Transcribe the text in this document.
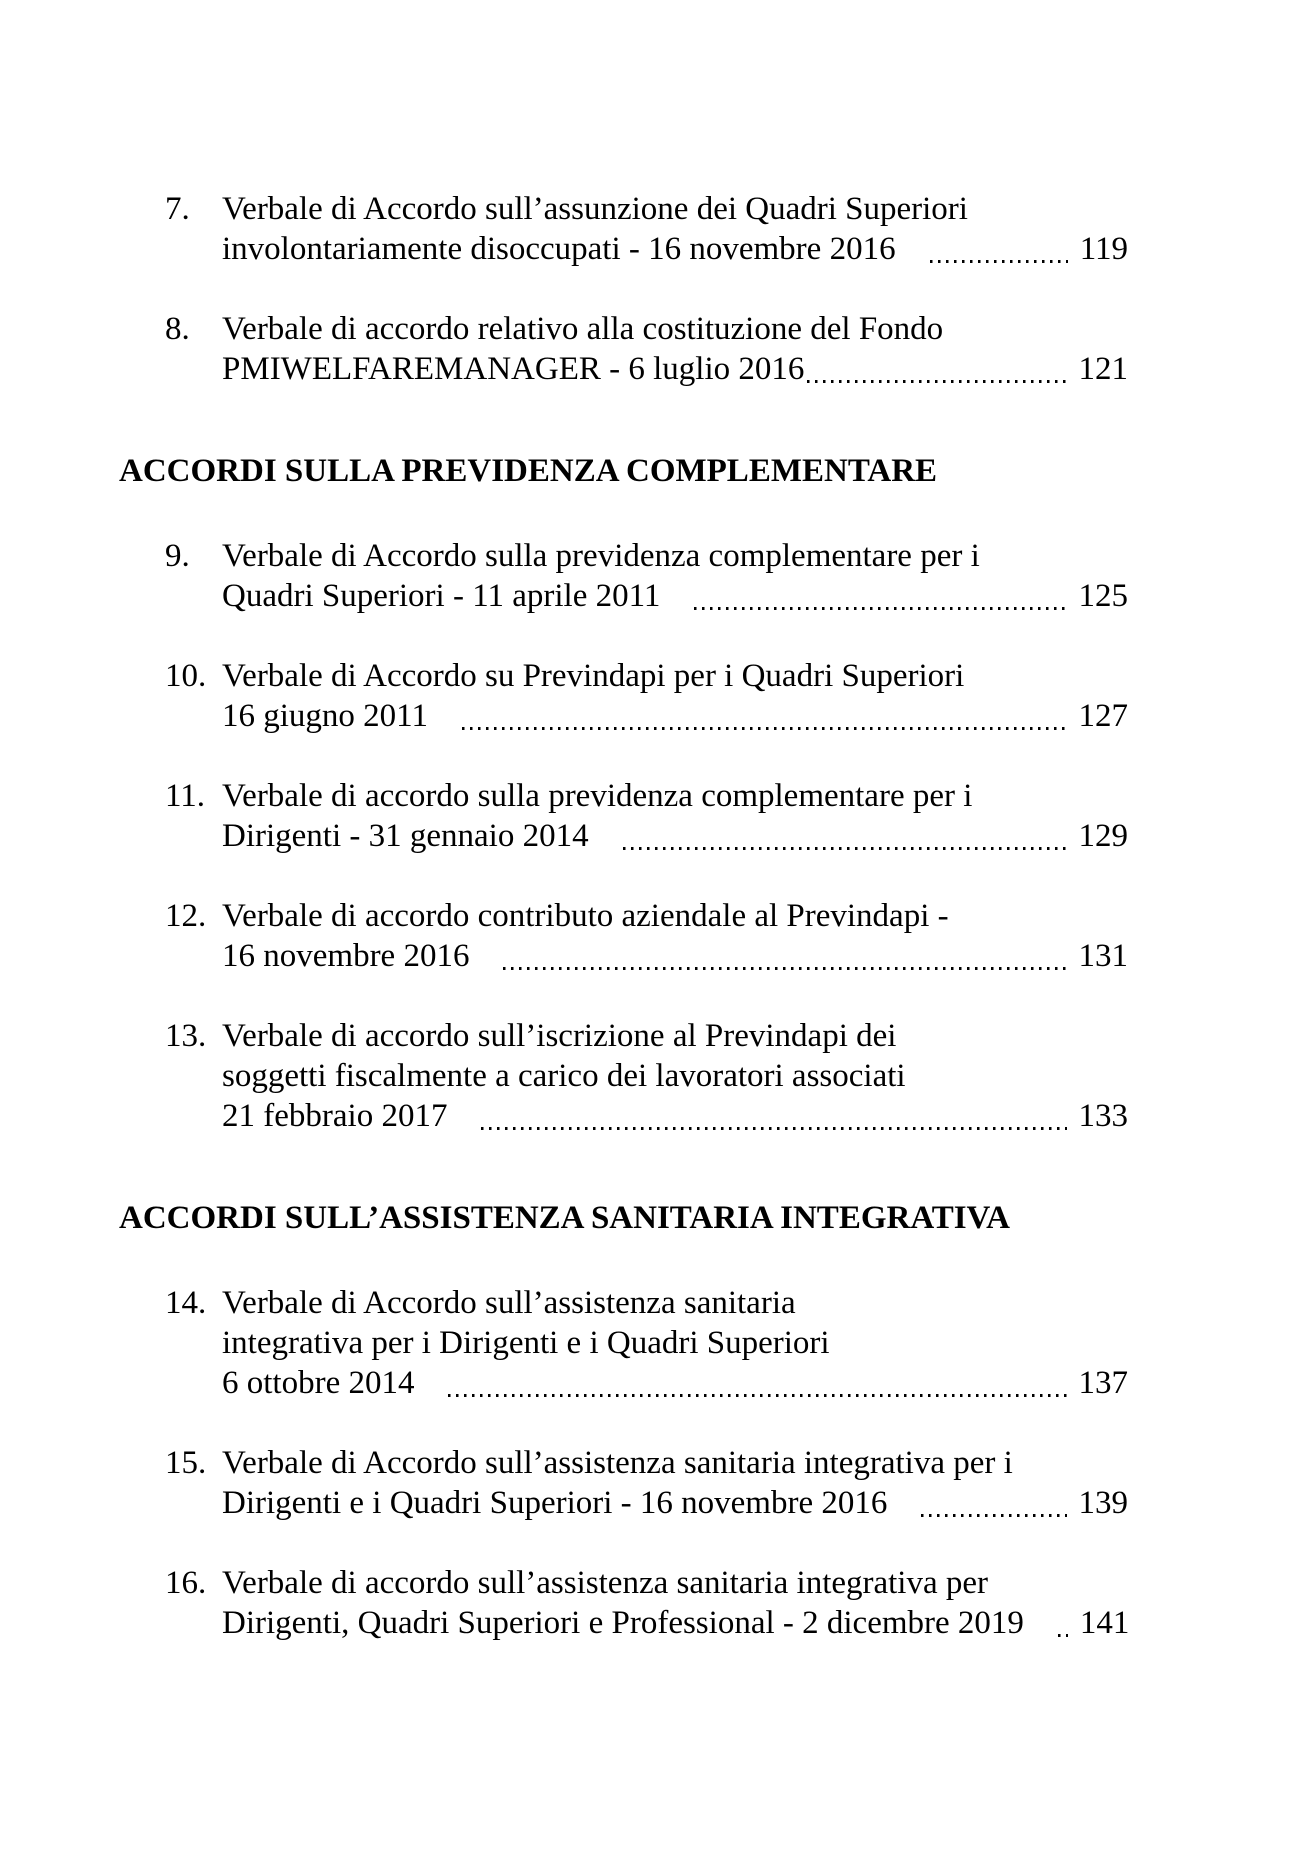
7. Verbale di Accordo sull’assunzione dei Quadri Superiori
involontariamente disoccupati - 16 novembre 2016	119
8. Verbale di accordo relativo alla costituzione del Fondo
PMIWELFAREMANAGER - 6 luglio 2016	121
ACCORDI SULLA PREVIDENZA COMPLEMENTARE
9. Verbale di Accordo sulla previdenza complementare per i
Quadri Superiori - 11 aprile 2011	125
10. Verbale di Accordo su Previndapi per i Quadri Superiori
16 giugno 2011	127
11. Verbale di accordo sulla previdenza complementare per i
Dirigenti - 31 gennaio 2014	129
12. Verbale di accordo contributo aziendale al Previndapi -
16 novembre 2016	131
13. Verbale di accordo sull’iscrizione al Previndapi dei
soggetti fiscalmente a carico dei lavoratori associati
21 febbraio 2017	133
ACCORDI SULL’ASSISTENZA SANITARIA INTEGRATIVA
14. Verbale di Accordo sull’assistenza sanitaria
integrativa per i Dirigenti e i Quadri Superiori
6 ottobre 2014	137
15. Verbale di Accordo sull’assistenza sanitaria integrativa per i
Dirigenti e i Quadri Superiori - 16 novembre 2016	139
16. Verbale di accordo sull’assistenza sanitaria integrativa per
Dirigenti, Quadri Superiori e Professional - 2 dicembre 2019 141
